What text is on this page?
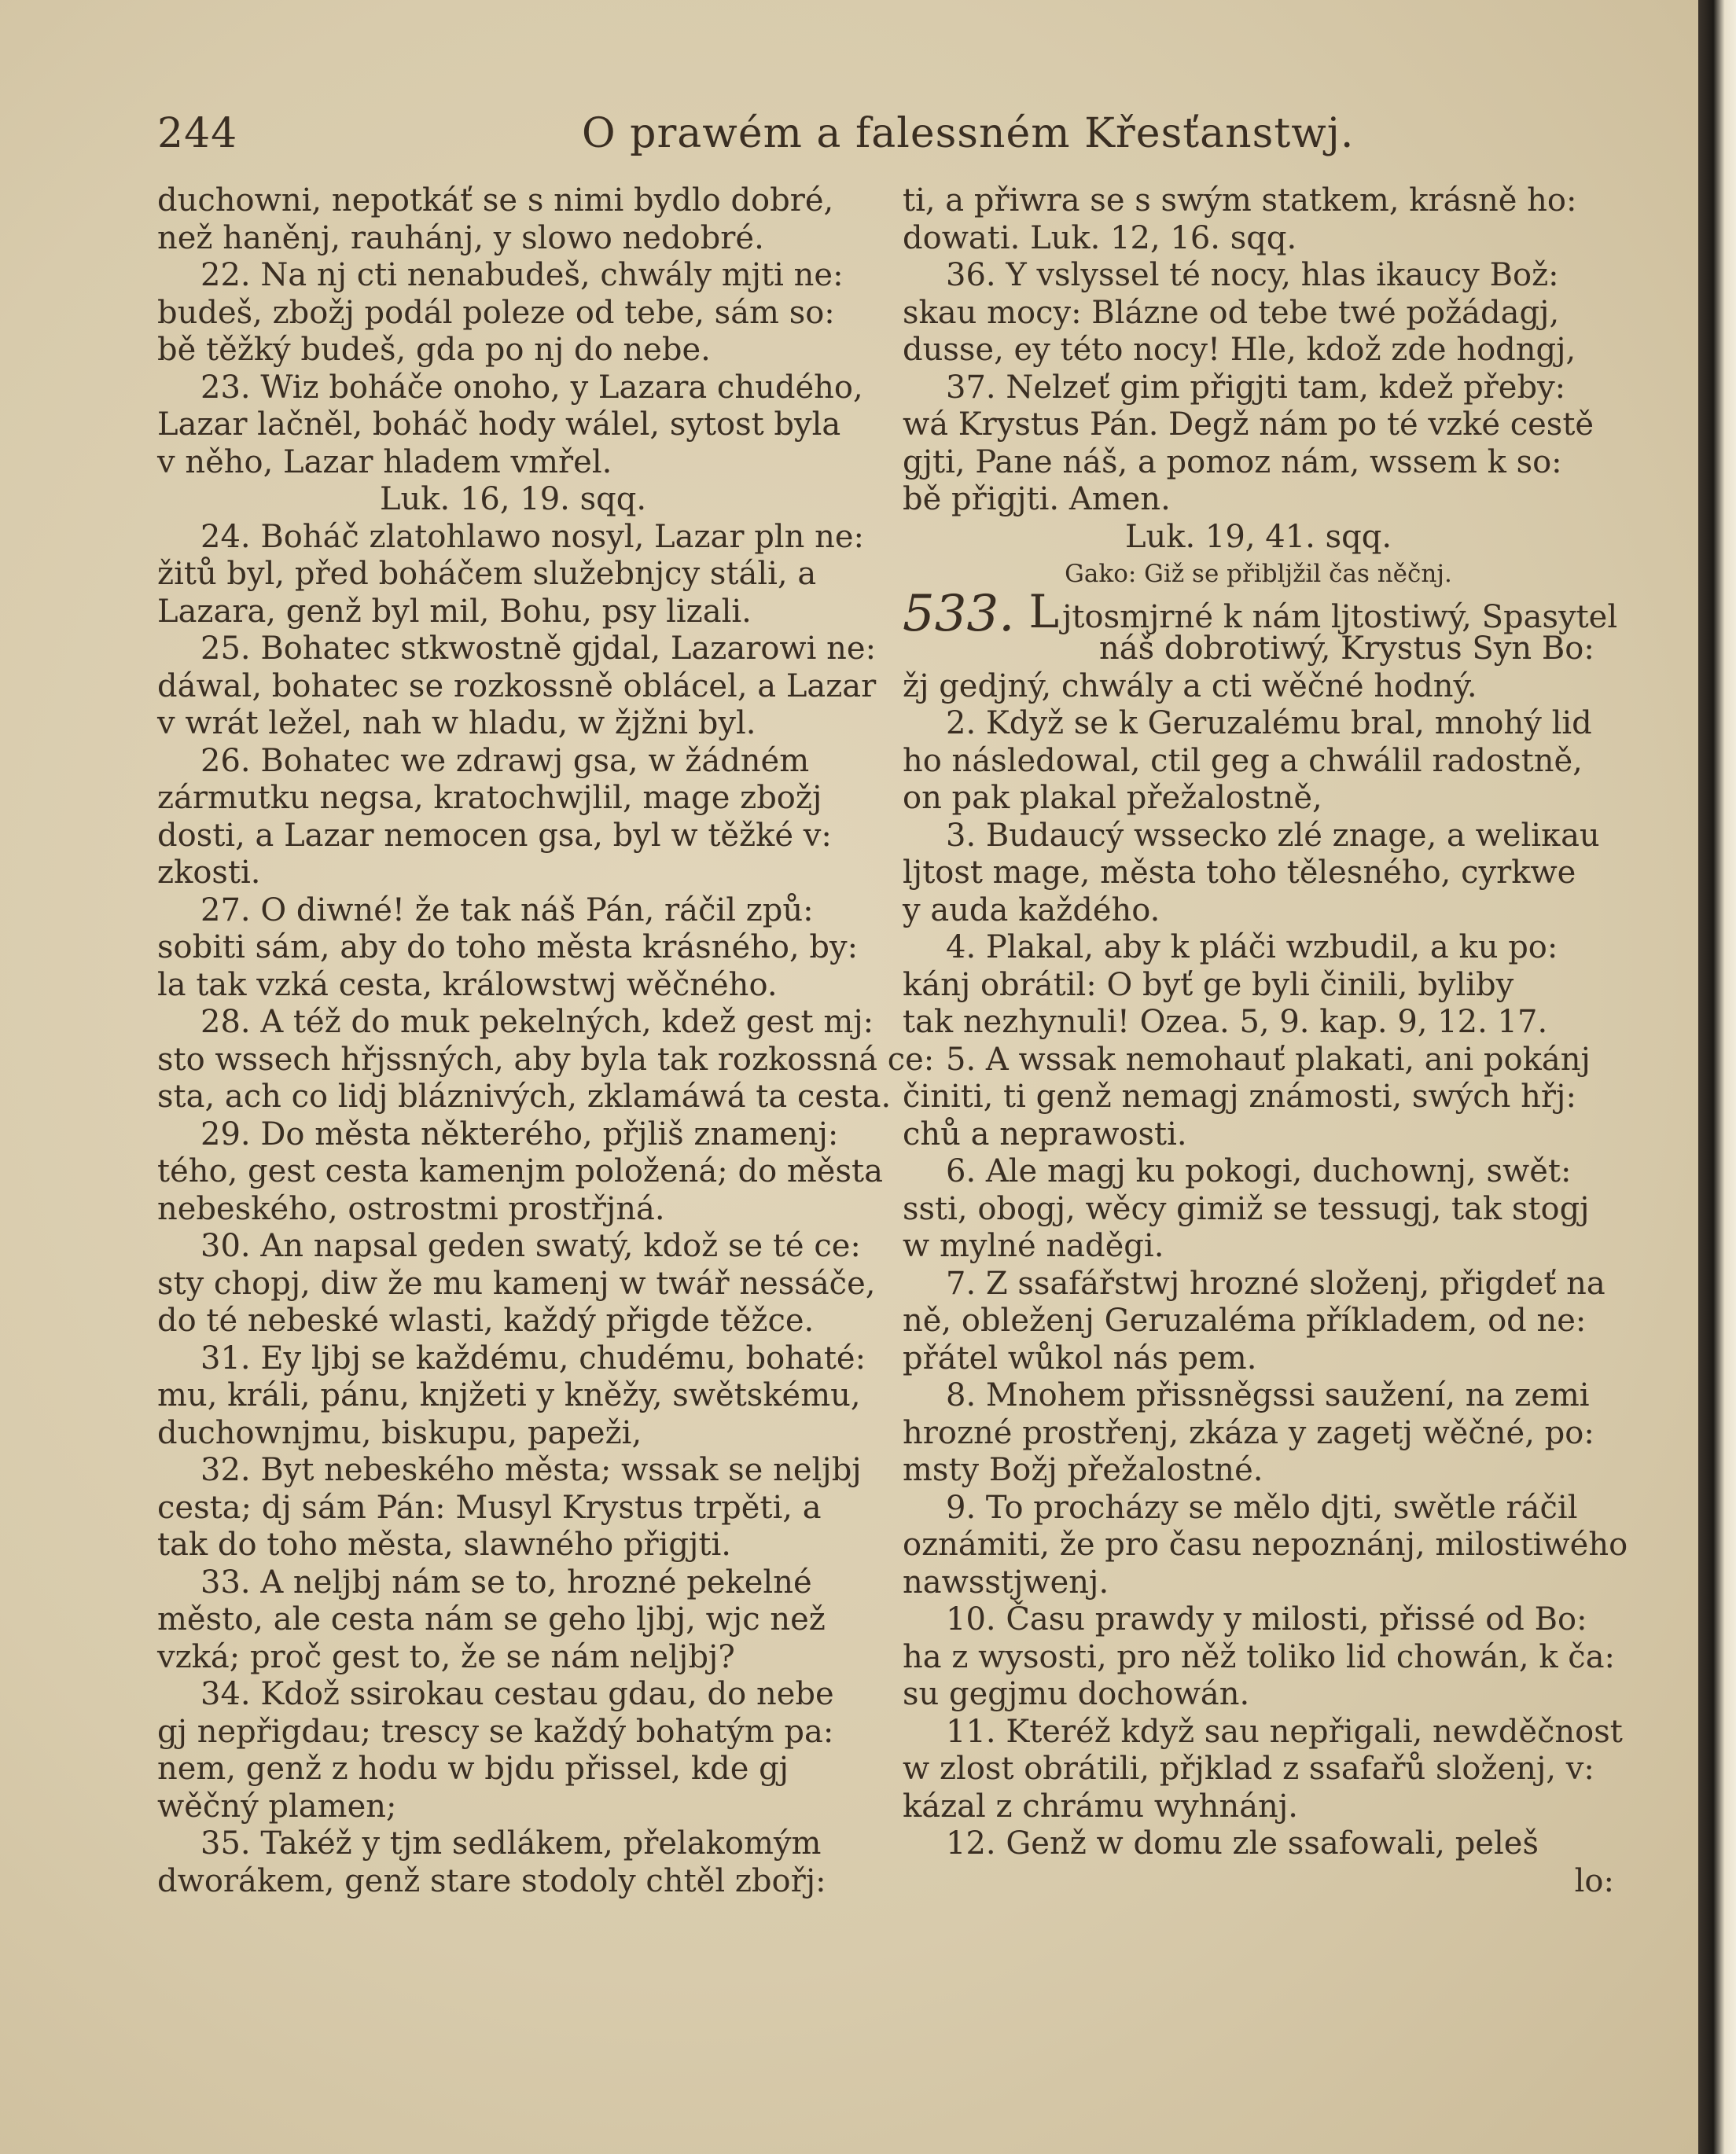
244	O prawém a falessném Křesťanstwj.
duchowni, nepotkáť se s nimi bydlo dobré,
než haněnj, rauhánj, y slowo nedobré.
22. Na nj cti nenabudeš, chwály mjti ne:
budeš, zbožj podál poleze od tebe, sám so:
bě těžký budeš, gda po nj do nebe.
23. Wiz boháče onoho, y Lazara chudého,
Lazar lačněl, boháč hody wálel, sytost byla
v něho, Lazar hladem vmřel.
Luk. 16, 19. sqq.
24. Boháč zlatohlawo nosyl, Lazar pln ne:
žitů byl, před boháčem služebnjcy stáli, a
Lazara, genž byl mil, Bohu, psy lizali.
25. Bohatec stkwostně gjdal, Lazarowi ne:
dáwal, bohatec se rozkossně oblácel, a Lazar
v wrát ležel, nah w hladu, w žjžni byl.
26. Bohatec we zdrawj gsa, w žádném
zármutku negsa, kratochwjlil, mage zbožj
dosti, a Lazar nemocen gsa, byl w těžké v:
zkosti.
27. O diwné! že tak náš Pán, ráčil způ:
sobiti sám, aby do toho města krásného, by:
la tak vzká cesta, králowstwj wěčného.
28. A též do muk pekelných, kdež gest mj:
sto wssech hřjssných, aby byla tak rozkossná ce:
sta, ach co lidj bláznivých, zklamáwá ta cesta.
29. Do města některého, přjliš znamenj:
tého, gest cesta kamenjm položená; do města
nebeského, ostrostmi prostřjná.
30. An napsal geden swatý, kdož se té ce:
sty chopj, diw že mu kamenj w twář nessáče,
do té nebeské wlasti, každý přigde těžce.
31. Ey ljbj se každému, chudému, bohaté:
mu, králi, pánu, knjžeti y kněžy, swětskému,
duchownjmu, biskupu, papeži,
32. Byt nebeského města; wssak se neljbj
cesta; dj sám Pán: Musyl Krystus trpěti, a
tak do toho města, slawného přigjti.
33. A neljbj nám se to, hrozné pekelné
město, ale cesta nám se geho ljbj, wjc než
vzká; proč gest to, že se nám neljbj?
34. Kdož ssirokau cestau gdau, do nebe
gj nepřigdau; trescy se každý bohatým pa:
nem, genž z hodu w bjdu přissel, kde gj
wěčný plamen;
35. Takéž y tjm sedlákem, přelakomým
dworákem, genž stare stodoly chtěl zbořj:
ti, a přiwra se s swým statkem, krásně ho:
dowati. Luk. 12, 16. sqq.
36. Y vslyssel té nocy, hlas ikaucy Bož:
skau mocy: Blázne od tebe twé požádagj,
dusse, ey této nocy! Hle, kdož zde hodngj,
37. Nelzeť gim přigjti tam, kdež přeby:
wá Krystus Pán. Degž nám po té vzké cestě
gjti, Pane náš, a pomoz nám, wssem k so:
bě přigjti. Amen.
Luk. 19, 41. sqq.
Gako: Giž se přibljžil čas něčnj.
533. L jtosmjrné k nám ljtostiwý, Spasytel
náš dobrotiwý, Krystus Syn Bo:
žj gedjný, chwály a cti wěčné hodný.
2. Když se k Geruzalému bral, mnohý lid
ho následowal, ctil geg a chwálil radostně,
on pak plakal přežalostně,
3. Budaucý wssecko zlé znage, a weliкau
ljtost mage, města toho tělesného, cyrkwe
y auda každého.
4. Plakal, aby k pláči wzbudil, a ku po:
kánj obrátil: O byť ge byli činili, byliby
tak nezhynuli! Ozea. 5, 9. kap. 9, 12. 17.
5. A wssak nemohauť plakati, ani pokánj
činiti, ti genž nemagj známosti, swých hřj:
chů a neprawosti.
6. Ale magj ku pokogi, duchownj, swět:
ssti, obogj, wěcy gimiž se tessugj, tak stogj
w mylné naděgi.
7. Z ssafářstwj hrozné složenj, přigdeť na
ně, obleženj Geruzaléma příkladem, od ne:
přátel wůkol nás pem.
8. Mnohem přissněgssi saužení, na zemi
hrozné prostřenj, zkáza y zagetj wěčné, po:
msty Božj přežalostné.
9. To procházy se mělo djti, swětle ráčil
oznámiti, že pro času nepoznánj, milostiwého
nawsstjwenj.
10. Času prawdy y milosti, přissé od Bo:
ha z wysosti, pro něž toliko lid chowán, k ča:
su gegjmu dochowán.
11. Kteréž když sau nepřigali, newděčnost
w zlost obrátili, přjklad z ssafařů složenj, v:
kázal z chrámu wyhnánj.
12. Genž w domu zle ssafowali, peleš
lo:
